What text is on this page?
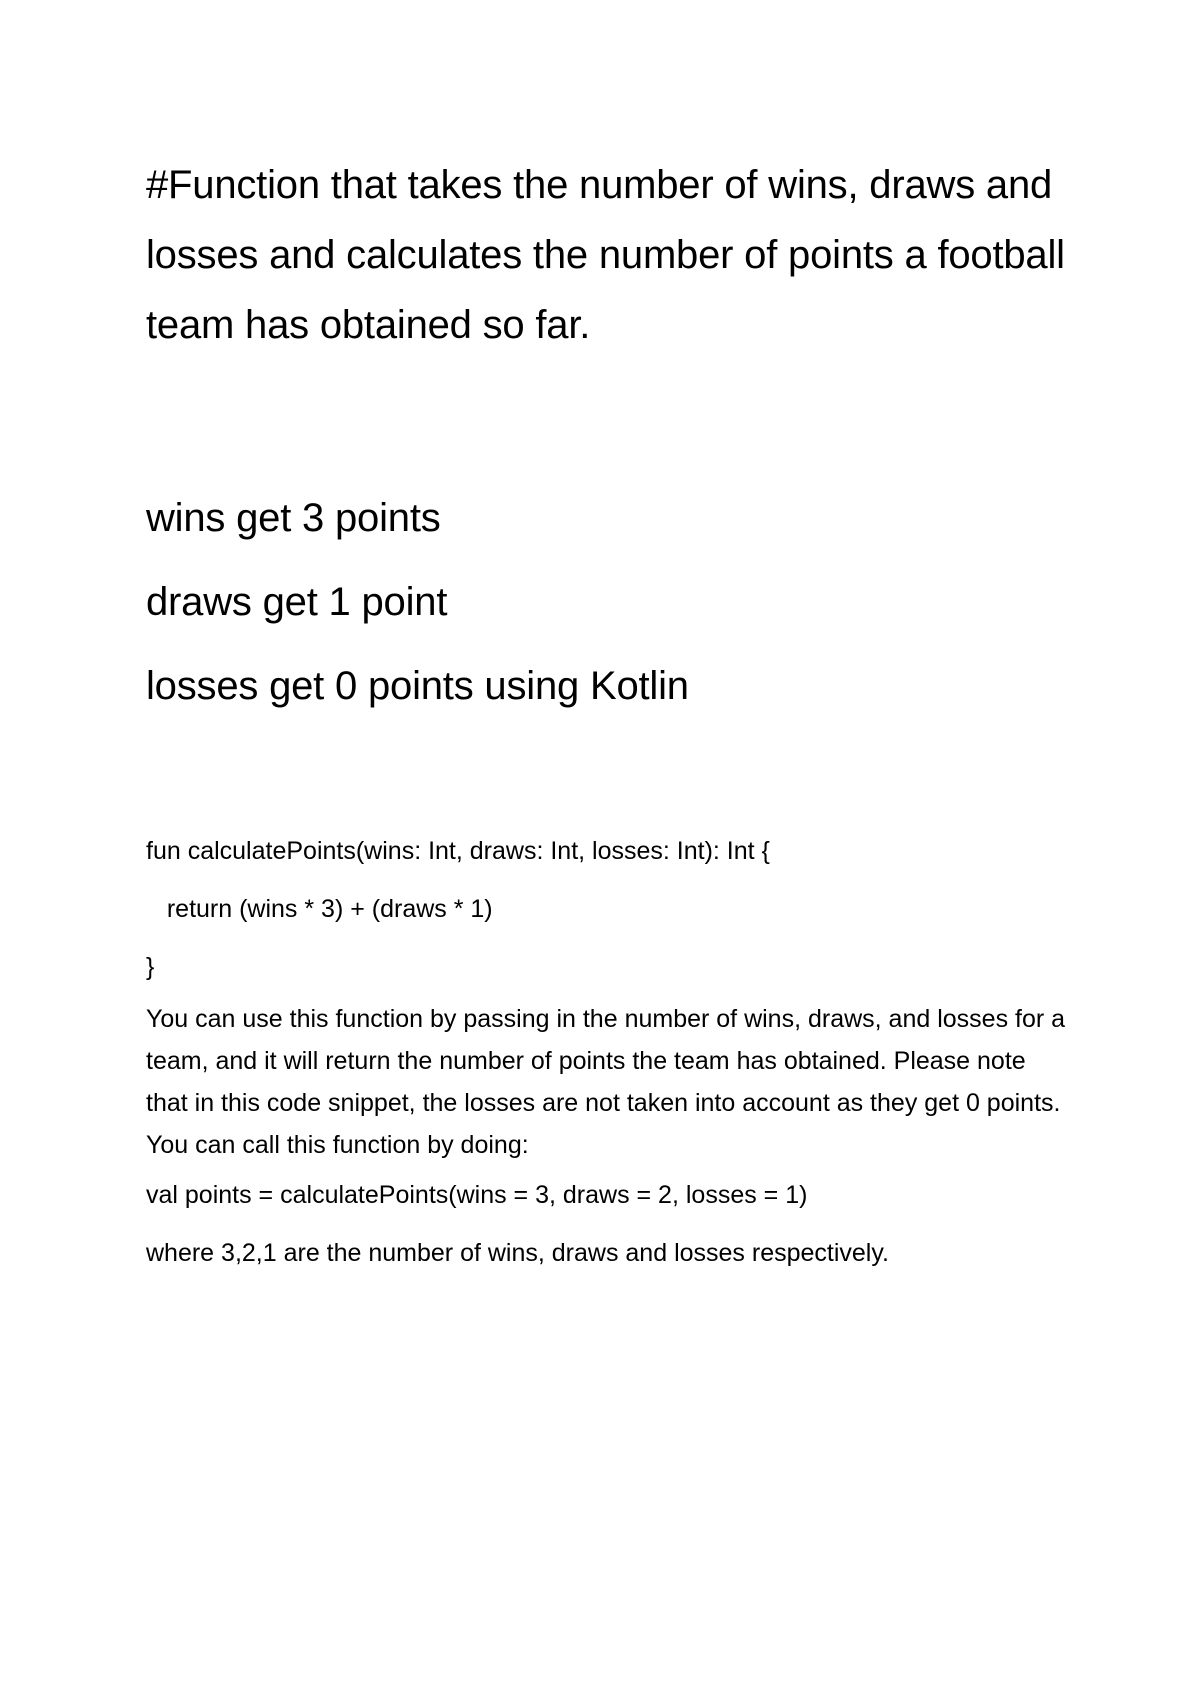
#Function that takes the number of wins, draws and losses and calculates the number of points a football team has obtained so far.

wins get 3 points

draws get 1 point

losses get 0 points using Kotlin

fun calculatePoints(wins: Int, draws: Int, losses: Int): Int {

return (wins * 3) + (draws * 1)

}

You can use this function by passing in the number of wins, draws, and losses for a team, and it will return the number of points the team has obtained. Please note that in this code snippet, the losses are not taken into account as they get 0 points. You can call this function by doing:

val points = calculatePoints(wins = 3, draws = 2, losses = 1)

where 3,2,1 are the number of wins, draws and losses respectively.
